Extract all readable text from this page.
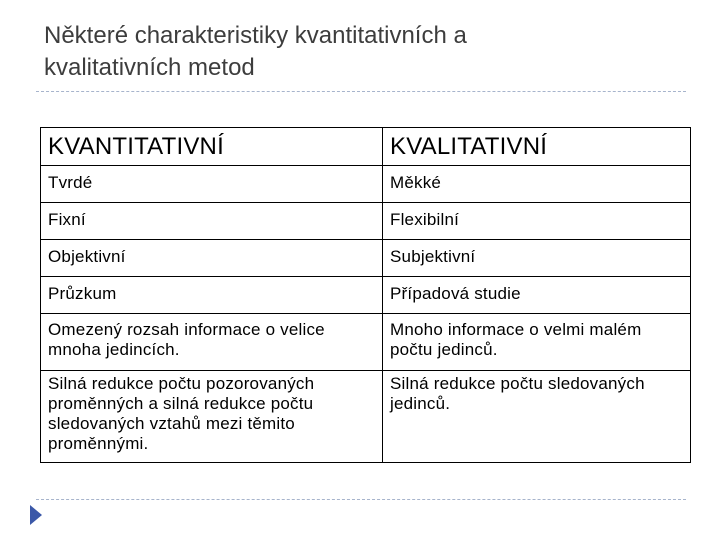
Některé charakteristiky kvantitativních a
kvalitativních metod
KVANTITATIVNÍ	KVALITATIVNÍ
Tvrdé	Měkké
Fixní	Flexibilní
Objektivní	Subjektivní
Průzkum	Případová studie
Omezený rozsah informace o velice mnoha jedincích.	Mnoho informace o velmi malém počtu jedinců.
Silná redukce počtu pozorovaných proměnných a silná redukce počtu sledovaných vztahů mezi těmito proměnnými.	Silná redukce počtu sledovaných jedinců.
